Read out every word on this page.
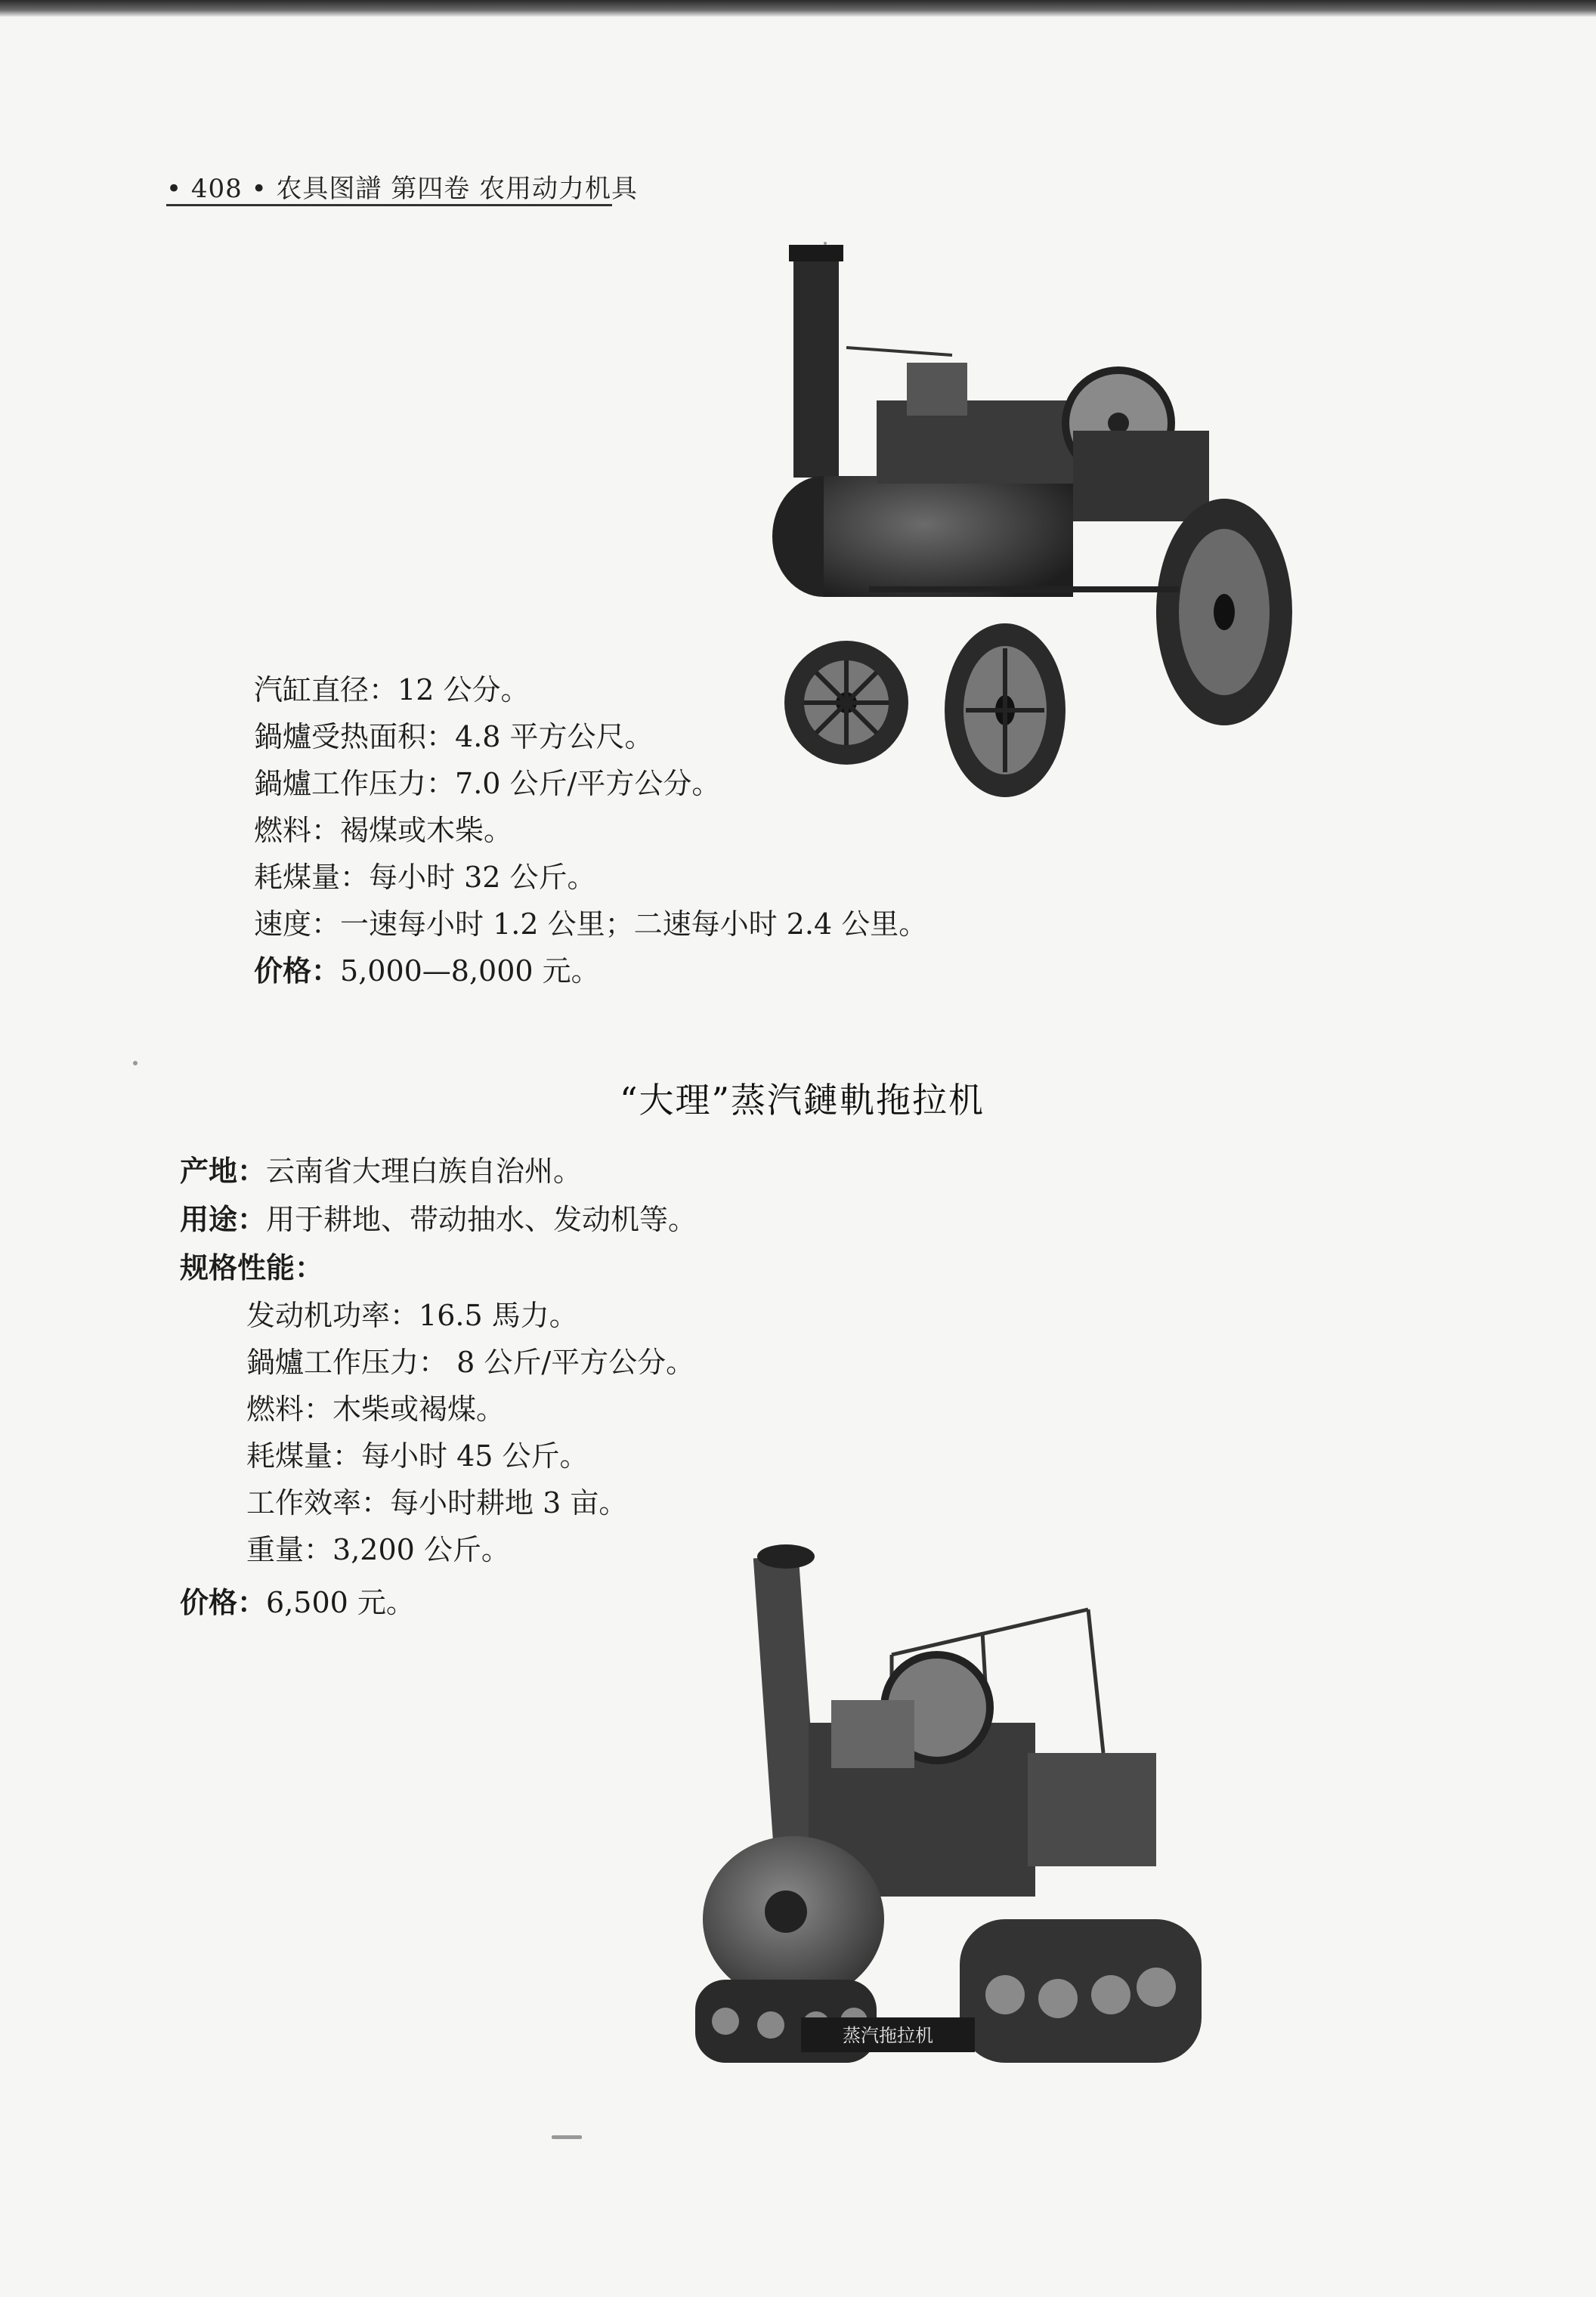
• 408 • 农具图譜 第四卷 农用动力机具
汽缸直径：12 公分。
鍋爐受热面积：4.8 平方公尺。
鍋爐工作压力：7.0 公斤/平方公分。
燃料：褐煤或木柴。
耗煤量：每小时 32 公斤。
速度：一速每小时 1.2 公里；二速每小时 2.4 公里。
价格：5,000—8,000 元。
“大理”蒸汽鏈軌拖拉机
产地：云南省大理白族自治州。
用途：用于耕地、带动抽水、发动机等。
规格性能：
发动机功率：16.5 馬力。
鍋爐工作压力： 8 公斤/平方公分。
燃料：木柴或褐煤。
耗煤量：每小时 45 公斤。
工作效率：每小时耕地 3 亩。
重量：3,200 公斤。
价格：6,500 元。
蒸汽拖拉机
